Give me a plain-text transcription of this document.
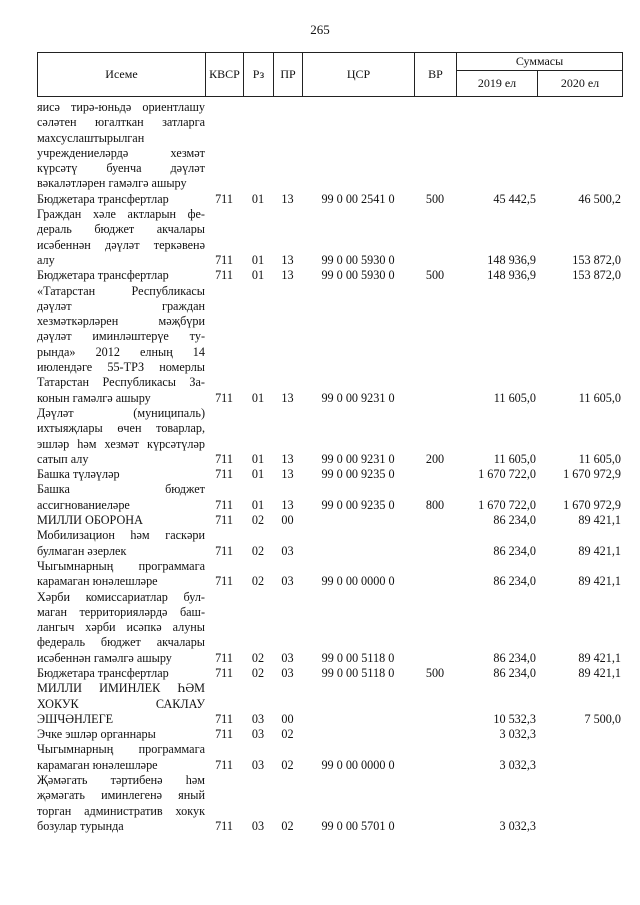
265
Исеме	КВСР	Рз	ПР	ЦСР	ВР	Суммасы	
						2019 ел	2020 ел
яисә тирә-юньдә ориентлашу
сәләтен югалткан затларга
махсуслаштырылган
учреждениеләрдә хезмәт
күрсәтү буенча дәүләт
вәкаләтләрен гамәлгә ашыру
Бюджетара трансфертлар	711	01	13	99 0 00 2541 0	500	45 442,5	46 500,2
Граждан хәле актларын фе-
дераль бюджет акчалары
исәбеннән дәүләт теркәвенә
алу	711	01	13	99 0 00 5930 0	148 936,9	153 872,0
Бюджетара трансфертлар	711	01	13	99 0 00 5930 0	500	148 936,9	153 872,0
«Татарстан Республикасы
дәүләт граждан
хезмәткәрләрен мәҗбүри
дәүләт иминләштерүе ту-
рында» 2012 елның 14
июлендәге 55-ТРЗ номерлы
Татарстан Республикасы За-
конын гамәлгә ашыру	711	01	13	99 0 00 9231 0	11 605,0	11 605,0
Дәүләт (муниципаль)
ихтыяҗлары өчен товарлар,
эшләр һәм хезмәт күрсәтүләр
сатып алу	711	01	13	99 0 00 9231 0	200	11 605,0	11 605,0
Башка түләүләр	711	01	13	99 0 00 9235 0	1 670 722,0	1 670 972,9
Башка бюджет
ассигнованиеләре	711	01	13	99 0 00 9235 0	800	1 670 722,0	1 670 972,9
МИЛЛИ ОБОРОНА	711	02	00	86 234,0	89 421,1
Мобилизацион һәм гаскәри
булмаган әзерлек	711	02	03	86 234,0	89 421,1
Чыгымнарның программага
карамаган юнәлешләре	711	02	03	99 0 00 0000 0	86 234,0	89 421,1
Хәрби комиссариатлар бул-
маган территорияләрдә баш-
лангыч хәрби исәпкә алуны
федераль бюджет акчалары
исәбеннән гамәлгә ашыру	711	02	03	99 0 00 5118 0	86 234,0	89 421,1
Бюджетара трансфертлар	711	02	03	99 0 00 5118 0	500	86 234,0	89 421,1
МИЛЛИ ИМИНЛЕК ҺӘМ
ХОКУК САКЛАУ
ЭШЧӘНЛЕГЕ	711	03	00	10 532,3	7 500,0
Эчке эшләр органнары	711	03	02	3 032,3
Чыгымнарның программага
карамаган юнәлешләре	711	03	02	99 0 00 0000 0	3 032,3
Җәмәгать тәртибенә һәм
җәмәгать иминлегенә яный
торган административ хокук
бозулар турында	711	03	02	99 0 00 5701 0	3 032,3
